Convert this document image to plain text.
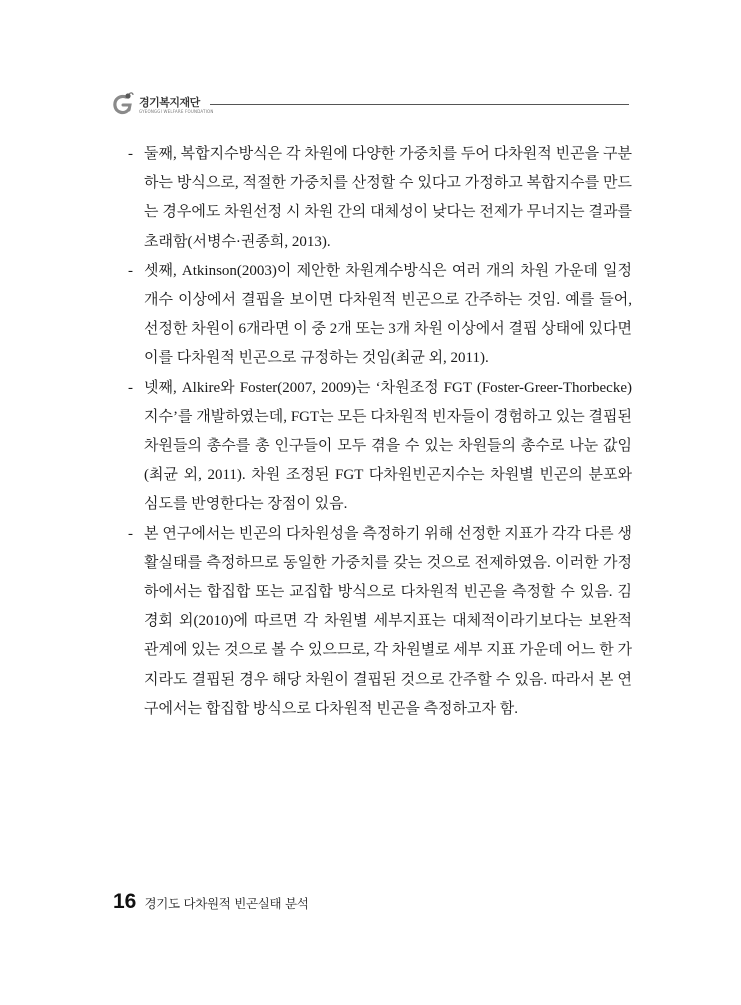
경기복지재단
GYEONGGI WELFARE FOUNDATION

- 둘째, 복합지수방식은 각 차원에 다양한 가중치를 두어 다차원적 빈곤을 구분하는 방식으로, 적절한 가중치를 산정할 수 있다고 가정하고 복합지수를 만드는 경우에도 차원선정 시 차원 간의 대체성이 낮다는 전제가 무너지는 결과를 초래함(서병수·권종희, 2013).

- 셋째, Atkinson(2003)이 제안한 차원계수방식은 여러 개의 차원 가운데 일정 개수 이상에서 결핍을 보이면 다차원적 빈곤으로 간주하는 것임. 예를 들어, 선정한 차원이 6개라면 이 중 2개 또는 3개 차원 이상에서 결핍 상태에 있다면 이를 다차원적 빈곤으로 규정하는 것임(최균 외, 2011).

- 넷째, Alkire와 Foster(2007, 2009)는 ‘차원조정 FGT (Foster-Greer-Thorbecke) 지수’를 개발하였는데, FGT는 모든 다차원적 빈자들이 경험하고 있는 결핍된 차원들의 총수를 총 인구들이 모두 겪을 수 있는 차원들의 총수로 나눈 값임(최균 외, 2011). 차원 조정된 FGT 다차원빈곤지수는 차원별 빈곤의 분포와 심도를 반영한다는 장점이 있음.

- 본 연구에서는 빈곤의 다차원성을 측정하기 위해 선정한 지표가 각각 다른 생활실태를 측정하므로 동일한 가중치를 갖는 것으로 전제하였음. 이러한 가정 하에서는 합집합 또는 교집합 방식으로 다차원적 빈곤을 측정할 수 있음. 김경회 외(2010)에 따르면 각 차원별 세부지표는 대체적이라기보다는 보완적 관계에 있는 것으로 볼 수 있으므로, 각 차원별로 세부 지표 가운데 어느 한 가지라도 결핍된 경우 해당 차원이 결핍된 것으로 간주할 수 있음. 따라서 본 연구에서는 합집합 방식으로 다차원적 빈곤을 측정하고자 함.

16 경기도 다차원적 빈곤실태 분석
